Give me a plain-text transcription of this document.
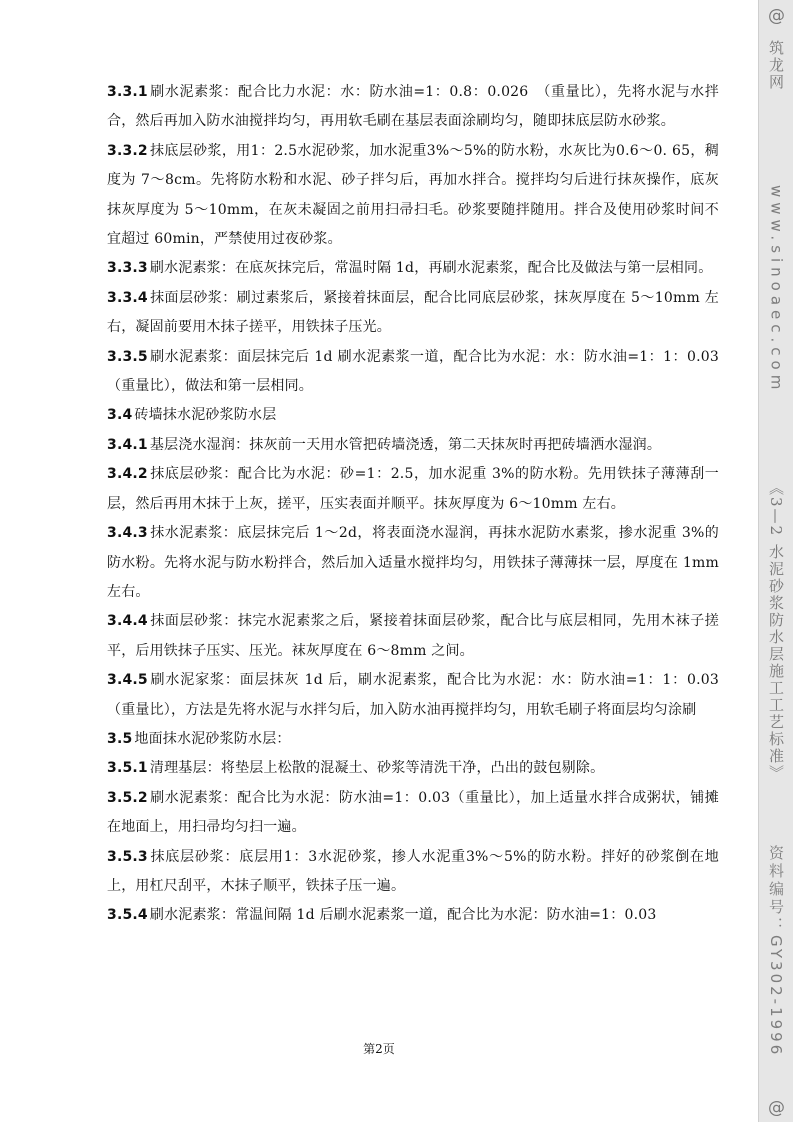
3.3.1 刷水泥素浆：配合比力水泥：水：防水油=1：0.8：0.026　（重量比），先将水泥与水拌合，然后再加入防水油搅拌均匀，再用软毛刷在基层表面涂刷均匀，随即抹底层防水砂浆。

3.3.2 抹底层砂浆，用1：2.5水泥砂浆，加水泥重3%～5%的防水粉，水灰比为0.6～0. 65，稠度为 7～8cm。先将防水粉和水泥、砂子拌匀后，再加水拌合。搅拌均匀后进行抹灰操作，底灰抹灰厚度为 5～10mm，在灰未凝固之前用扫帚扫毛。砂浆要随拌随用。拌合及使用砂浆时间不宜超过 60min，严禁使用过夜砂浆。

3.3.3 刷水泥素浆：在底灰抹完后，常温时隔 1d，再刷水泥素浆，配合比及做法与第一层相同。

3.3.4 抹面层砂浆：刷过素浆后，紧接着抹面层，配合比同底层砂浆，抹灰厚度在 5～10mm 左右，凝固前要用木抹子搓平，用铁抹子压光。

3.3.5 刷水泥素浆：面层抹完后 1d 刷水泥素浆一道，配合比为水泥：水：防水油=1：1：0.03（重量比），做法和第一层相同。

3.4 砖墙抹水泥砂浆防水层

3.4.1 基层浇水湿润：抹灰前一天用水管把砖墙浇透，第二天抹灰时再把砖墙洒水湿润。

3.4.2 抹底层砂浆：配合比为水泥：砂=1：2.5，加水泥重 3%的防水粉。先用铁抹子薄薄刮一层，然后再用木抹于上灰，搓平，压实表面并顺平。抹灰厚度为 6～10mm 左右。

3.4.3 抹水泥素浆：底层抹完后 1～2d，将表面浇水湿润，再抹水泥防水素浆，掺水泥重 3%的防水粉。先将水泥与防水粉拌合，然后加入适量水搅拌均匀，用铁抹子薄薄抹一层，厚度在 1mm 左右。

3.4.4 抹面层砂浆：抹完水泥素浆之后，紧接着抹面层砂浆，配合比与底层相同，先用木袜子搓平，后用铁抹子压实、压光。袜灰厚度在 6～8mm 之间。

3.4.5 刷水泥家浆：面层抹灰 1d 后，刷水泥素浆，配合比为水泥：水：防水油=1：1：0.03　（重量比），方法是先将水泥与水拌匀后，加入防水油再搅拌均匀，用软毛刷子将面层均匀涂刷

3.5 地面抹水泥砂浆防水层：

3.5.1 清理基层：将垫层上松散的混凝土、砂浆等清洗干净，凸出的鼓包剔除。

3.5.2 刷水泥素浆：配合比为水泥：防水油=1：0.03（重量比），加上适量水拌合成粥状，铺摊在地面上，用扫帚均匀扫一遍。

3.5.3 抹底层砂浆：底层用1：3水泥砂浆，掺人水泥重3%～5%的防水粉。拌好的砂浆倒在地上，用杠尺刮平，木抹子顺平，铁抹子压一遍。

3.5.4 刷水泥素浆：常温间隔 1d 后刷水泥素浆一道，配合比为水泥：防水油=1：0.03

第2页
@
筑龙网
www.sinoaec.com
《3—2 水泥砂浆防水层施工工艺标准》
资料编号：GY302-1996
@
